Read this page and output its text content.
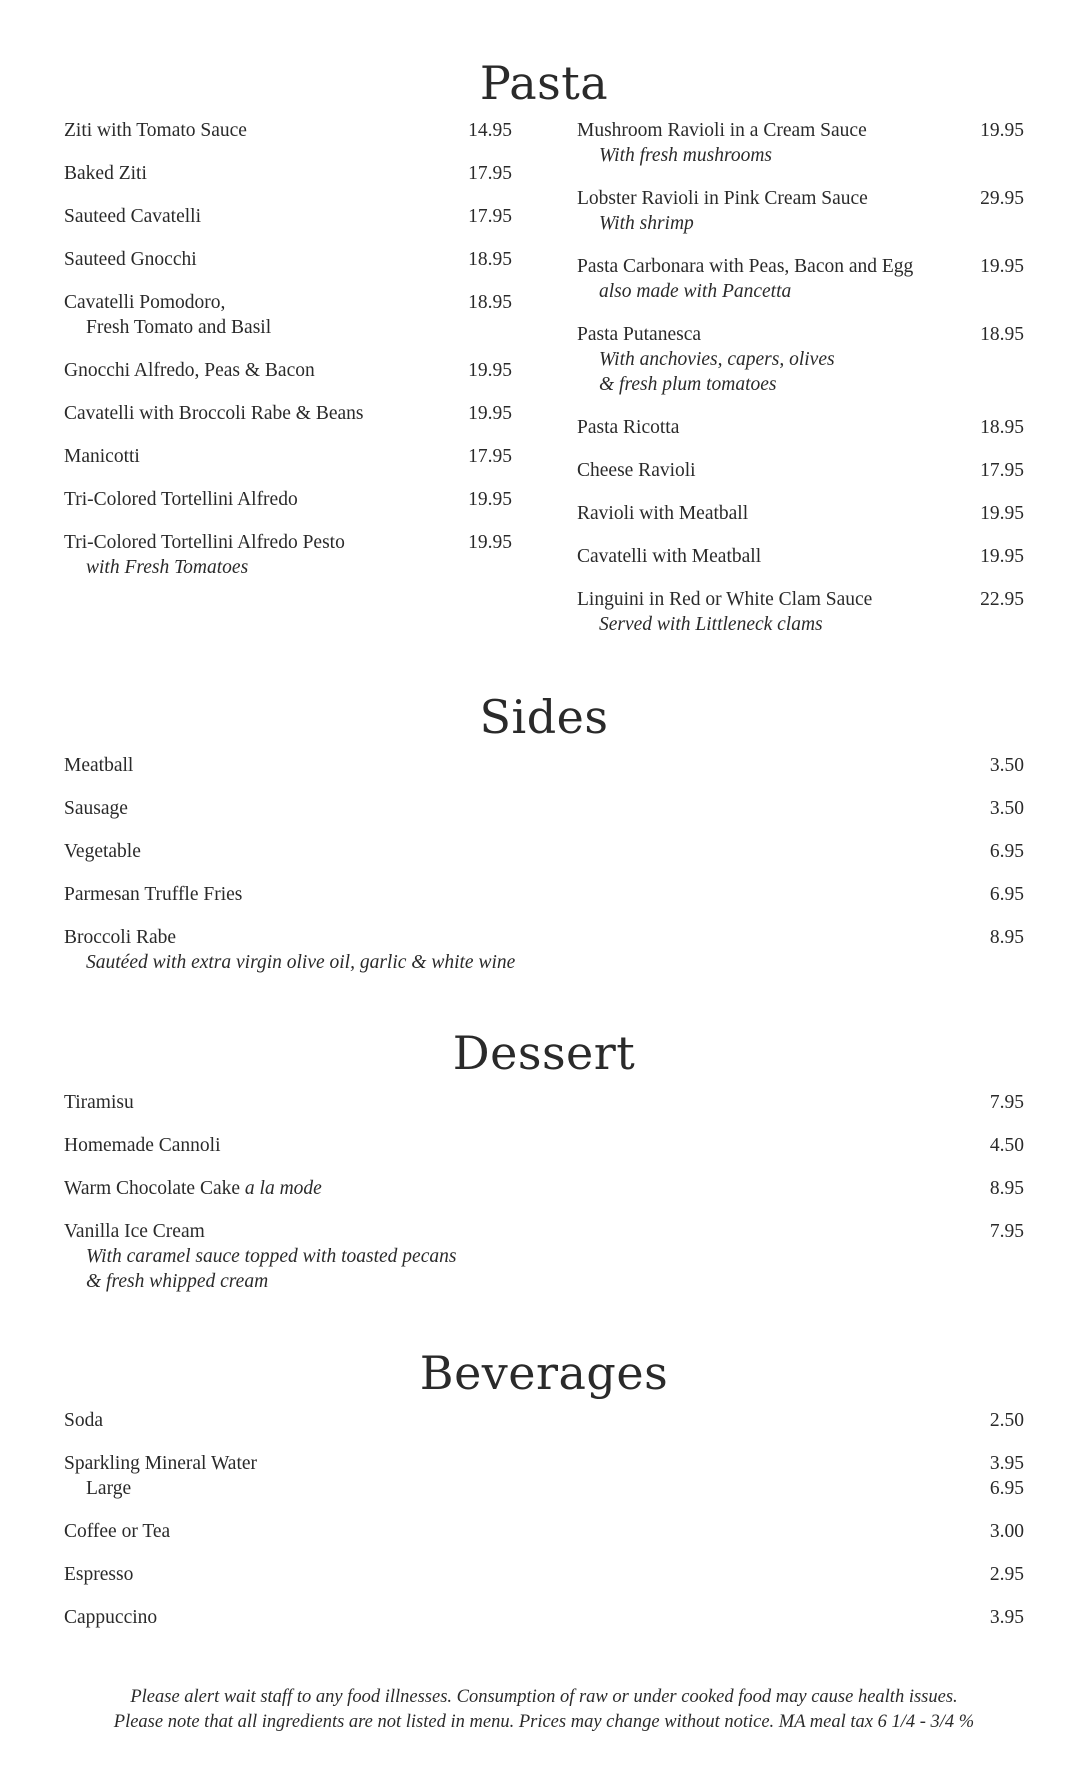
Pasta
Ziti with Tomato Sauce	14.95
Baked Ziti	17.95
Sauteed Cavatelli	17.95
Sauteed Gnocchi	18.95
Cavatelli Pomodoro,	18.95
Fresh Tomato and Basil
Gnocchi Alfredo, Peas & Bacon	19.95
Cavatelli with Broccoli Rabe & Beans	19.95
Manicotti	17.95
Tri-Colored Tortellini Alfredo	19.95
Tri-Colored Tortellini Alfredo Pesto	19.95
with Fresh Tomatoes
Mushroom Ravioli in a Cream Sauce	19.95
With fresh mushrooms
Lobster Ravioli in Pink Cream Sauce	29.95
With shrimp
Pasta Carbonara with Peas, Bacon and Egg	19.95
also made with Pancetta
Pasta Putanesca	18.95
With anchovies, capers, olives
& fresh plum tomatoes
Pasta Ricotta	18.95
Cheese Ravioli	17.95
Ravioli with Meatball	19.95
Cavatelli with Meatball	19.95
Linguini in Red or White Clam Sauce	22.95
Served with Littleneck clams
Sides
Meatball	3.50
Sausage	3.50
Vegetable	6.95
Parmesan Truffle Fries	6.95
Broccoli Rabe	8.95
Sautéed with extra virgin olive oil, garlic & white wine
Dessert
Tiramisu	7.95
Homemade Cannoli	4.50
Warm Chocolate Cake a la mode	8.95
Vanilla Ice Cream	7.95
With caramel sauce topped with toasted pecans
& fresh whipped cream
Beverages
Soda	2.50
Sparkling Mineral Water	3.95
Large	6.95
Coffee or Tea	3.00
Espresso	2.95
Cappuccino	3.95
Please alert wait staff to any food illnesses. Consumption of raw or under cooked food may cause health issues.
Please note that all ingredients are not listed in menu. Prices may change without notice. MA meal tax 6 1/4 - 3/4 %
